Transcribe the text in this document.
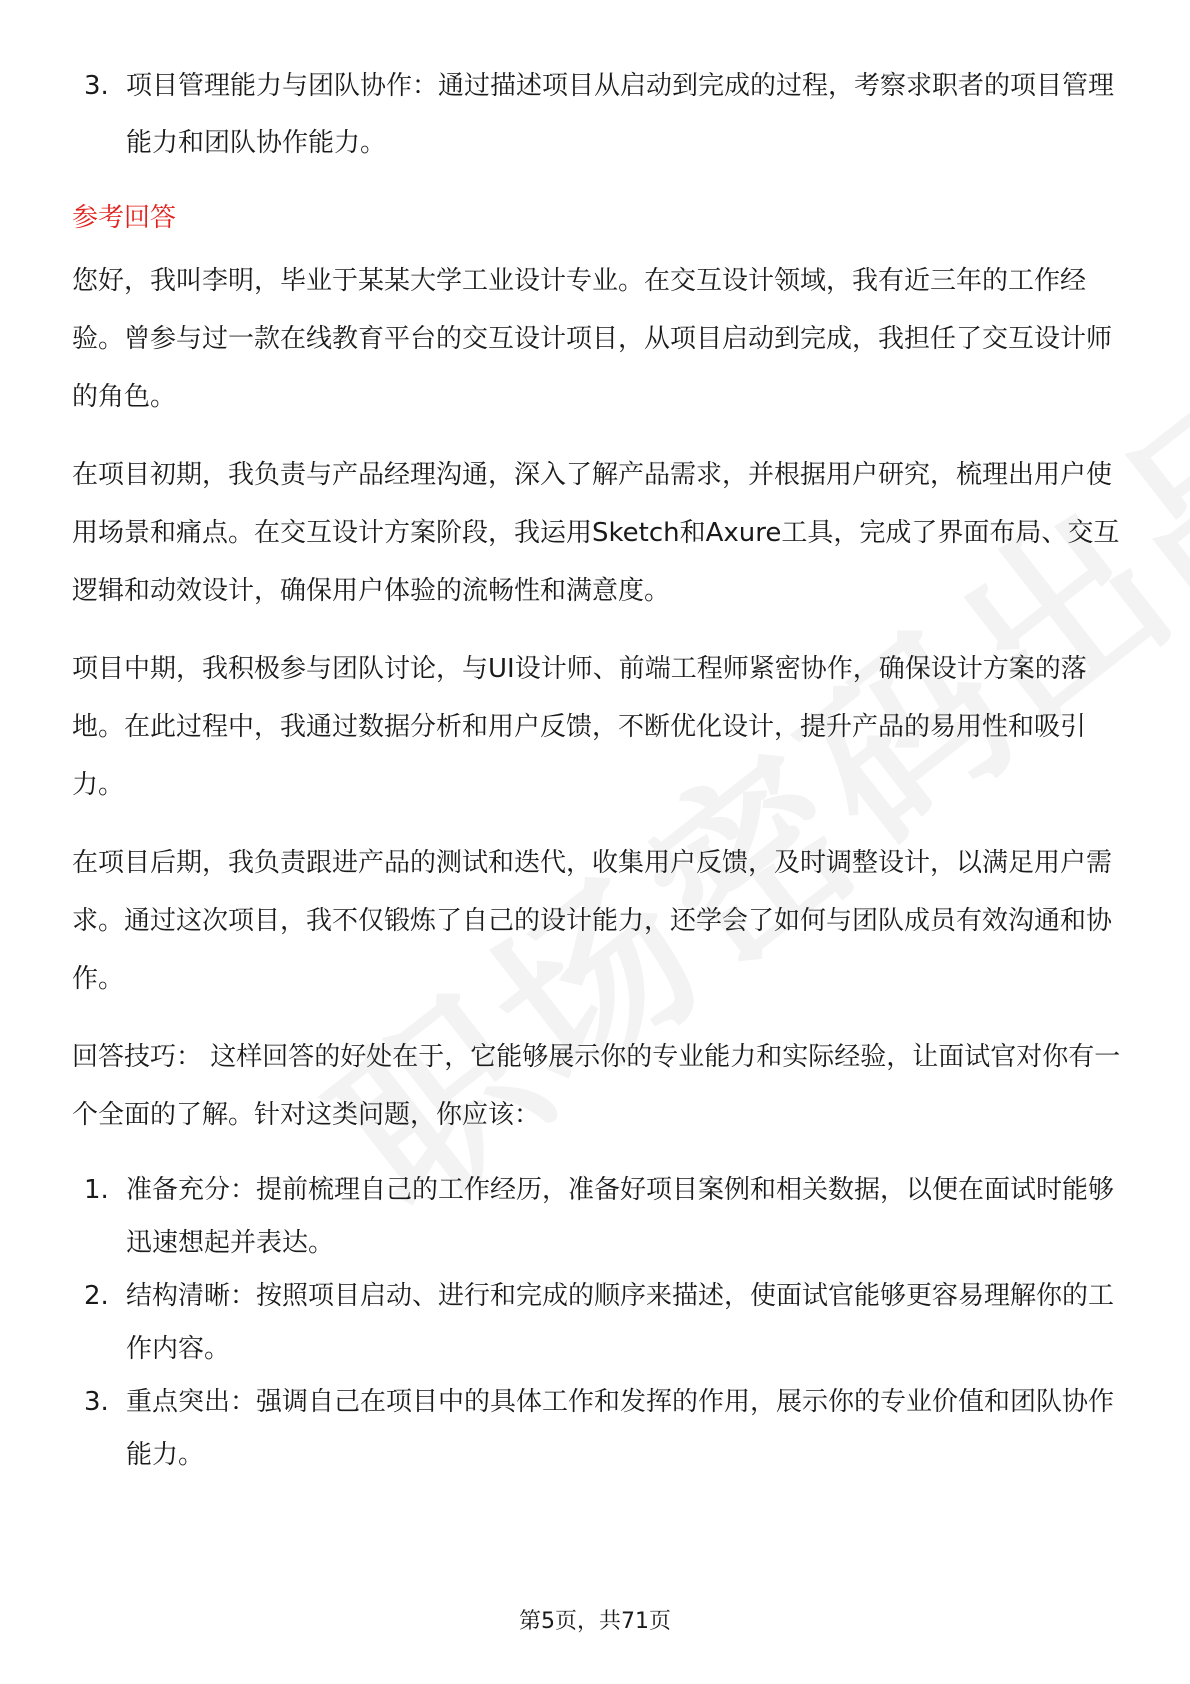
3. 项目管理能力与团队协作：通过描述项目从启动到完成的过程，考察求职者的项目管理能力和团队协作能力。
参考回答

您好，我叫李明，毕业于某某大学工业设计专业。在交互设计领域，我有近三年的工作经验。曾参与过一款在线教育平台的交互设计项目，从项目启动到完成，我担任了交互设计师的角色。

在项目初期，我负责与产品经理沟通，深入了解产品需求，并根据用户研究，梳理出用户使用场景和痛点。在交互设计方案阶段，我运用Sketch和Axure工具，完成了界面布局、交互逻辑和动效设计，确保用户体验的流畅性和满意度。

项目中期，我积极参与团队讨论，与UI设计师、前端工程师紧密协作，确保设计方案的落地。在此过程中，我通过数据分析和用户反馈，不断优化设计，提升产品的易用性和吸引力。

在项目后期，我负责跟进产品的测试和迭代，收集用户反馈，及时调整设计，以满足用户需求。通过这次项目，我不仅锻炼了自己的设计能力，还学会了如何与团队成员有效沟通和协作。

回答技巧： 这样回答的好处在于，它能够展示你的专业能力和实际经验，让面试官对你有一个全面的了解。针对这类问题，你应该：

1. 准备充分：提前梳理自己的工作经历，准备好项目案例和相关数据，以便在面试时能够迅速想起并表达。
2. 结构清晰：按照项目启动、进行和完成的顺序来描述，使面试官能够更容易理解你的工作内容。
3. 重点突出：强调自己在项目中的具体工作和发挥的作用，展示你的专业价值和团队协作能力。
第5页，共71页
